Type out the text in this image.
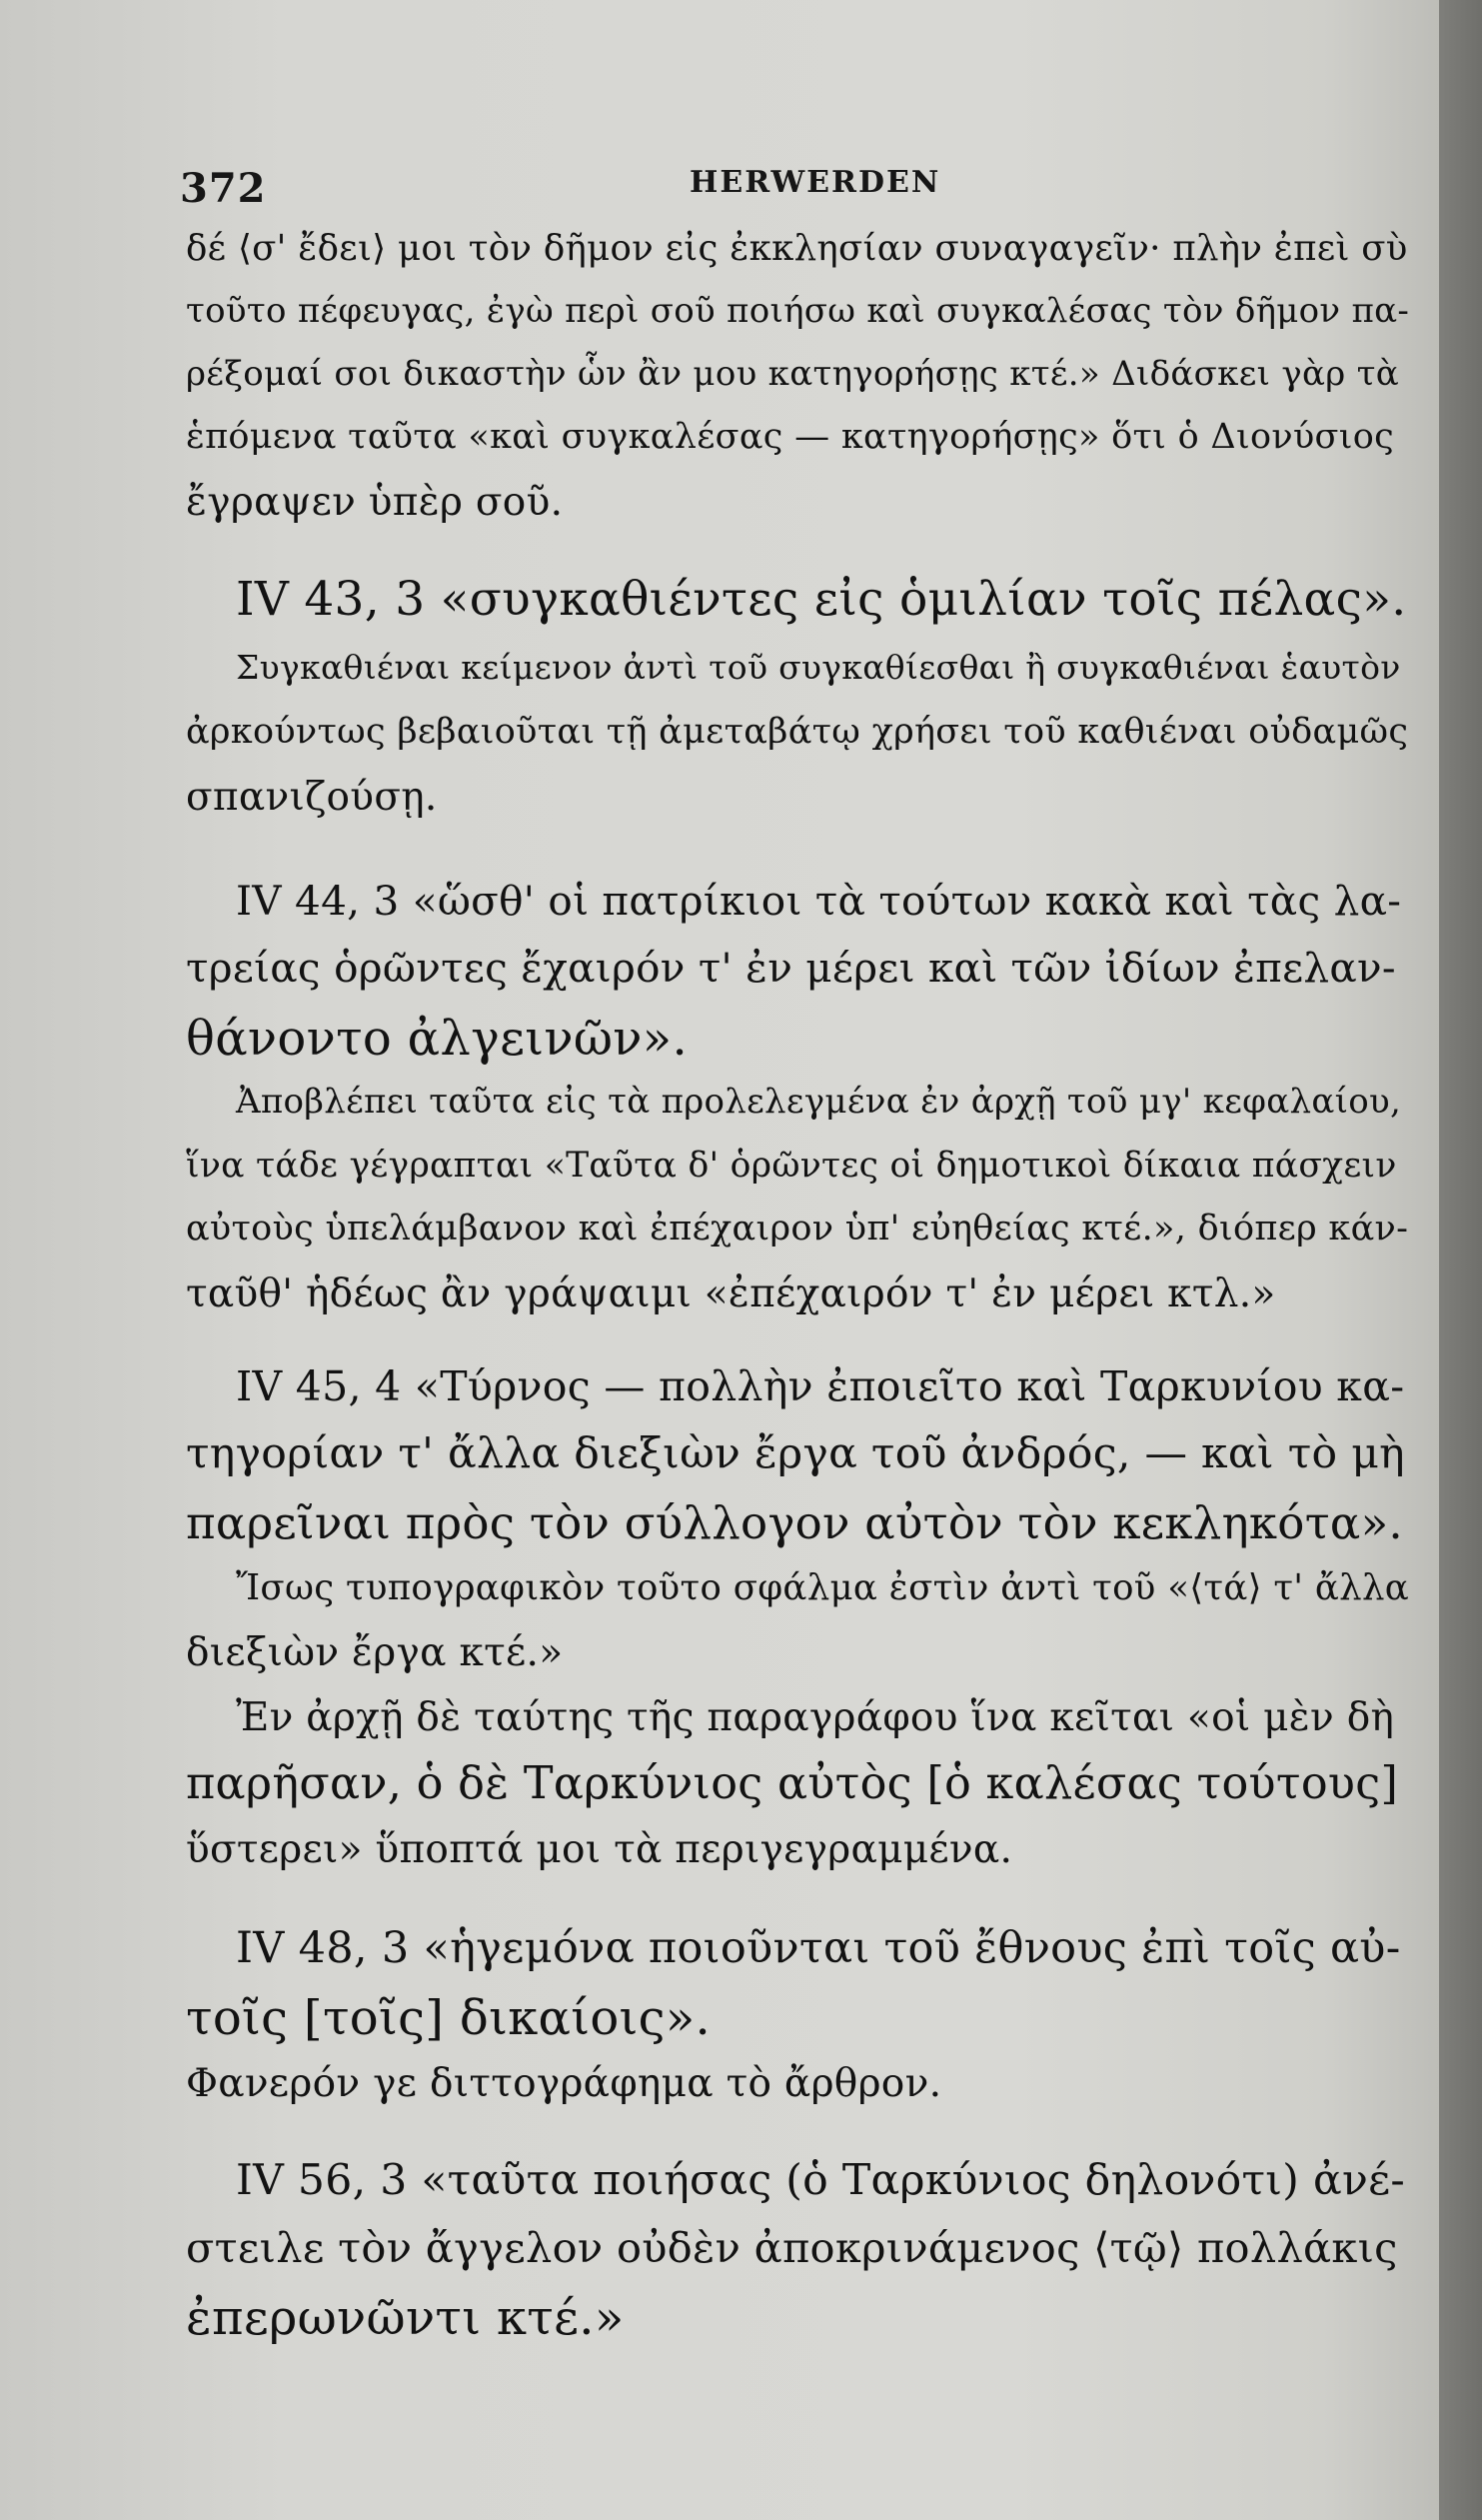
372	HERWERDEN
δέ ⟨σ' ἔδει⟩ μοι τὸν δῆμον εἰς ἐκκλησίαν συναγαγεῖν· πλὴν ἐπεὶ σὺ
τοῦτο πέφευγας, ἐγὼ περὶ σοῦ ποιήσω καὶ συγκαλέσας τὸν δῆμον πα-
ρέξομαί σοι δικαστὴν ὧν ἂν μου κατηγορήσῃς κτέ.» Διδάσκει γὰρ τὰ
ἑπόμενα ταῦτα «καὶ συγκαλέσας — κατηγορήσῃς» ὅτι ὁ Διονύσιος
ἔγραψεν ὑπὲρ σοῦ.
IV 43, 3 «συγκαθιέντες εἰς ὁμιλίαν τοῖς πέλας».
Συγκαθιέναι κείμενον ἀντὶ τοῦ συγκαθίεσθαι ἢ συγκαθιέναι ἑαυτὸν
ἀρκούντως βεβαιοῦται τῇ ἀμεταβάτῳ χρήσει τοῦ καθιέναι οὐδαμῶς
σπανιζούσῃ.
IV 44, 3 «ὥσθ' οἱ πατρίκιοι τὰ τούτων κακὰ καὶ τὰς λα-
τρείας ὁρῶντες ἔχαιρόν τ' ἐν μέρει καὶ τῶν ἰδίων ἐπελαν-
θάνοντο ἀλγεινῶν».
Ἀποβλέπει ταῦτα εἰς τὰ προλελεγμένα ἐν ἀρχῇ τοῦ μγ' κεφαλαίου,
ἵνα τάδε γέγραπται «Ταῦτα δ' ὁρῶντες οἱ δημοτικοὶ δίκαια πάσχειν
αὐτοὺς ὑπελάμβανον καὶ ἐπέχαιρον ὑπ' εὐηθείας κτέ.», διόπερ κάν-
ταῦθ' ἡδέως ἂν γράψαιμι «ἐπέχαιρόν τ' ἐν μέρει κτλ.»
IV 45, 4 «Τύρνος — πολλὴν ἐποιεῖτο καὶ Ταρκυνίου κα-
τηγορίαν τ' ἄλλα διεξιὼν ἔργα τοῦ ἀνδρός, — καὶ τὸ μὴ
παρεῖναι πρὸς τὸν σύλλογον αὐτὸν τὸν κεκληκότα».
Ἴσως τυπογραφικὸν τοῦτο σφάλμα ἐστὶν ἀντὶ τοῦ «⟨τά⟩ τ' ἄλλα
διεξιὼν ἔργα κτέ.»
Ἐν ἀρχῇ δὲ ταύτης τῆς παραγράφου ἵνα κεῖται «οἱ μὲν δὴ
παρῆσαν, ὁ δὲ Ταρκύνιος αὐτὸς [ὁ καλέσας τούτους]
ὕστερει» ὕποπτά μοι τὰ περιγεγραμμένα.
IV 48, 3 «ἡγεμόνα ποιοῦνται τοῦ ἔθνους ἐπὶ τοῖς αὐ-
τοῖς [τοῖς] δικαίοις».
Φανερόν γε διττογράφημα τὸ ἄρθρον.
IV 56, 3 «ταῦτα ποιήσας (ὁ Ταρκύνιος δηλονότι) ἀνέ-
στειλε τὸν ἄγγελον οὐδὲν ἀποκρινάμενος ⟨τῷ⟩ πολλάκις
ἐπερωνῶντι κτέ.»
